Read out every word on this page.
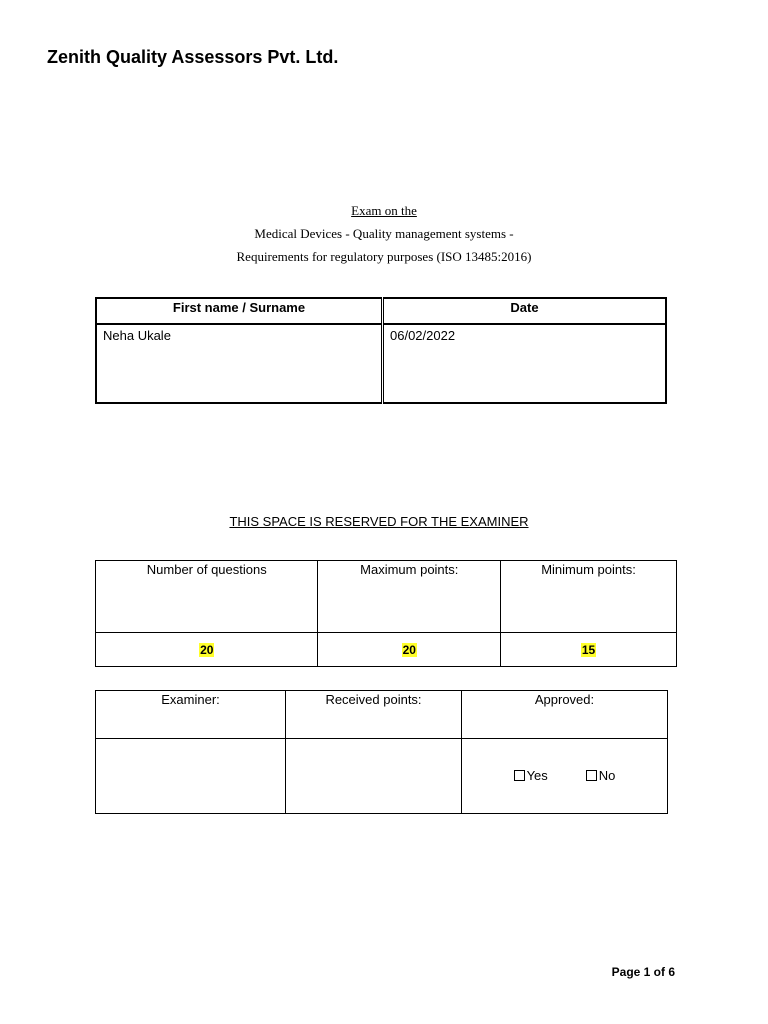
Zenith Quality Assessors Pvt. Ltd.
Exam on the
Medical Devices - Quality management systems -
Requirements for regulatory purposes (ISO 13485:2016)
First name / Surname	Date
Neha Ukale	06/02/2022
THIS SPACE IS RESERVED FOR THE EXAMINER
Number of questions	Maximum points:	Minimum points:
20	20	15
Examiner:	Received points:	Approved:

		Yes No
Page 1 of 6
